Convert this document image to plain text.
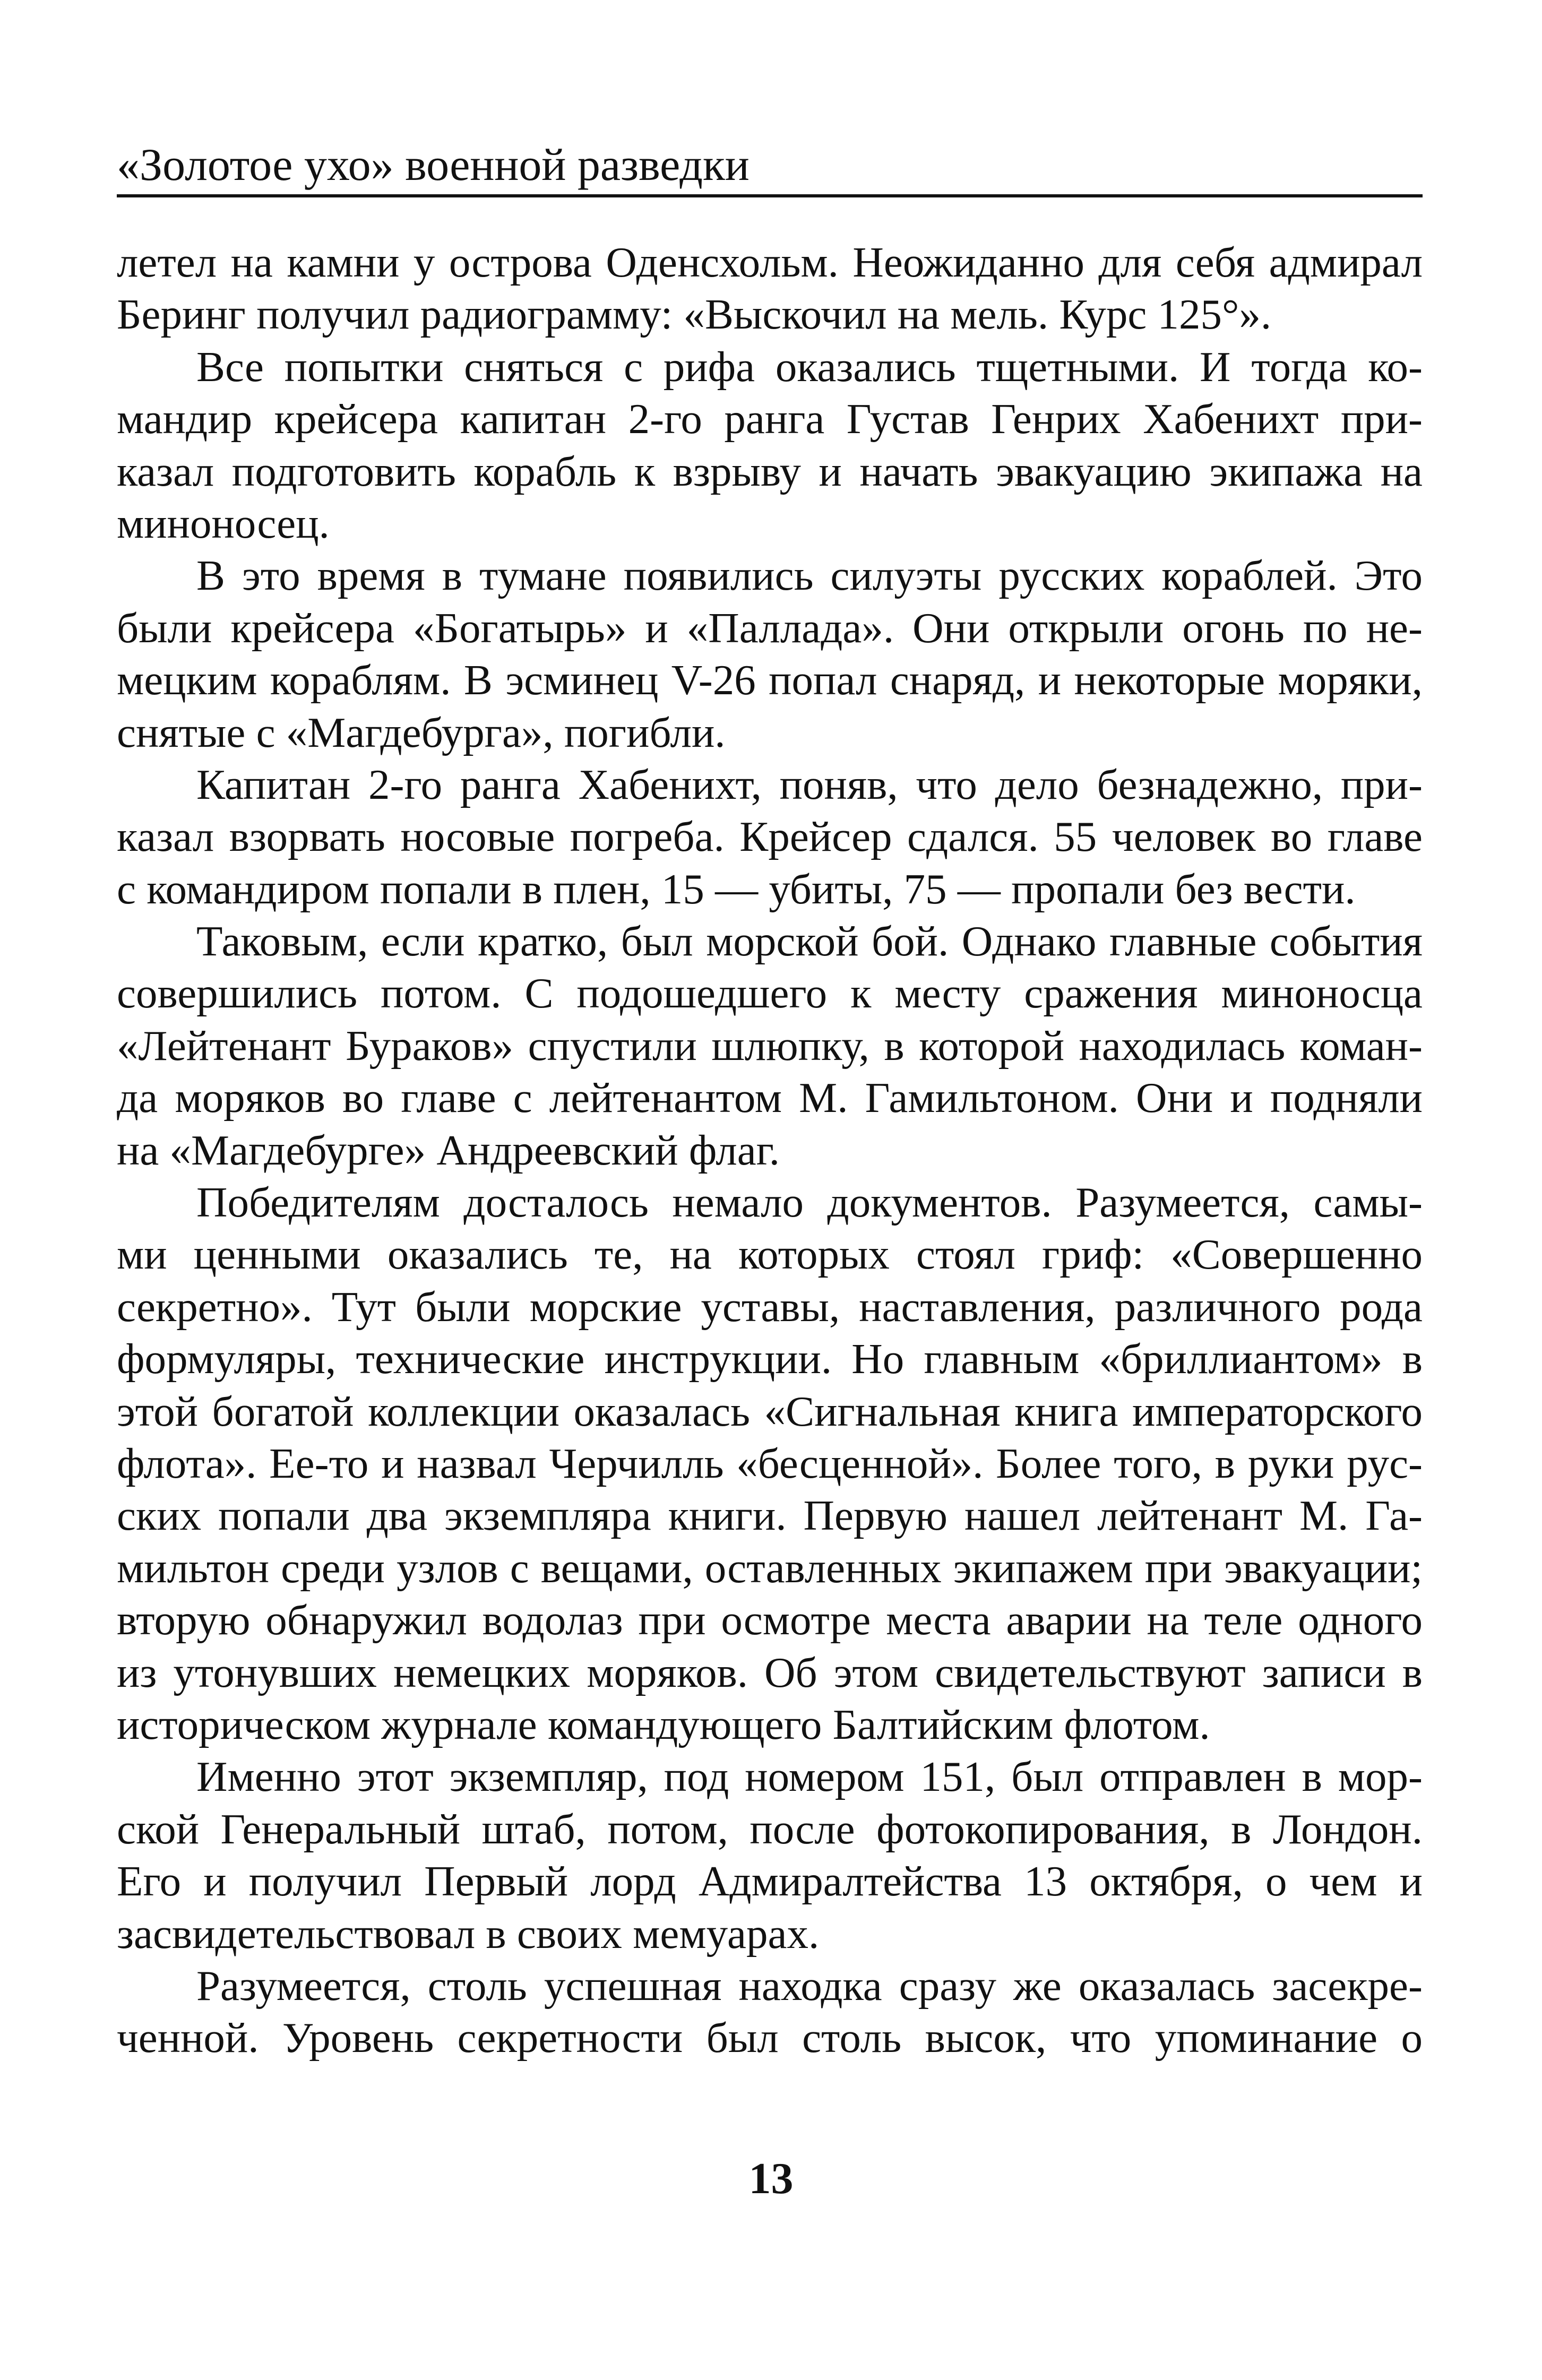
«Золотое ухо» военной разведки
летел на камни у острова Оденсхольм. Неожиданно для себя адмирал
Беринг получил радиограмму: «Выскочил на мель. Курс 125°».
Все попытки сняться с рифа оказались тщетными. И тогда ко-
мандир крейсера капитан 2-го ранга Густав Генрих Хабенихт при-
казал подготовить корабль к взрыву и начать эвакуацию экипажа на
миноносец.
В это время в тумане появились силуэты русских кораблей. Это
были крейсера «Богатырь» и «Паллада». Они открыли огонь по не-
мецким кораблям. В эсминец V-26 попал снаряд, и некоторые моряки,
снятые с «Магдебурга», погибли.
Капитан 2-го ранга Хабенихт, поняв, что дело безнадежно, при-
казал взорвать носовые погреба. Крейсер сдался. 55 человек во главе
с командиром попали в плен, 15 — убиты, 75 — пропали без вести.
Таковым, если кратко, был морской бой. Однако главные события
совершились потом. С подошедшего к месту сражения миноносца
«Лейтенант Бураков» спустили шлюпку, в которой находилась коман-
да моряков во главе с лейтенантом М. Гамильтоном. Они и подняли
на «Магдебурге» Андреевский флаг.
Победителям досталось немало документов. Разумеется, самы-
ми ценными оказались те, на которых стоял гриф: «Совершенно
секретно». Тут были морские уставы, наставления, различного рода
формуляры, технические инструкции. Но главным «бриллиантом» в
этой богатой коллекции оказалась «Сигнальная книга императорского
флота». Ее-то и назвал Черчилль «бесценной». Более того, в руки рус-
ских попали два экземпляра книги. Первую нашел лейтенант М. Га-
мильтон среди узлов с вещами, оставленных экипажем при эвакуации;
вторую обнаружил водолаз при осмотре места аварии на теле одного
из утонувших немецких моряков. Об этом свидетельствуют записи в
историческом журнале командующего Балтийским флотом.
Именно этот экземпляр, под номером 151, был отправлен в мор-
ской Генеральный штаб, потом, после фотокопирования, в Лондон.
Его и получил Первый лорд Адмиралтейства 13 октября, о чем и
засвидетельствовал в своих мемуарах.
Разумеется, столь успешная находка сразу же оказалась засекре-
ченной. Уровень секретности был столь высок, что упоминание о
13
